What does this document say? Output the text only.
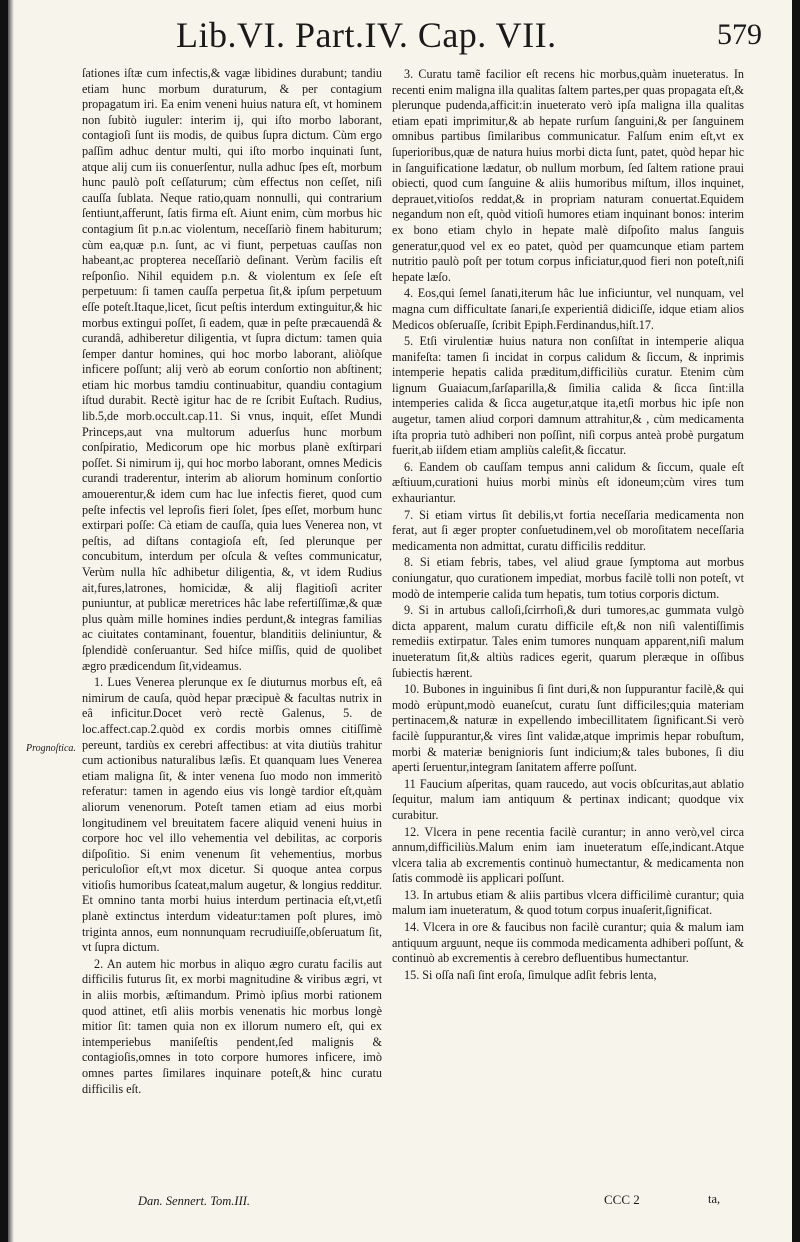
Lib.VI. Part.IV. Cap. VII.	579
Prognoſtica.

ſationes iſtæ cum infectis,& vagæ libidines durabunt; tandiu etiam hunc morbum duraturum, & per contagium propagatum iri. Ea enim veneni huius natura eſt, vt hominem non ſubitò iuguler: interim ij, qui iſto morbo laborant, contagioſi ſunt iis modis, de quibus ſupra dictum. Cùm ergo paſſim adhuc dentur multi, qui iſto morbo inquinati ſunt, atque alij cum iis conuerſentur, nulla adhuc ſpes eſt, morbum hunc paulò poſt ceſſaturum; cùm effectus non ceſſet, niſi cauſſa ſublata. Neque ratio,quam nonnulli, qui contrarium ſentiunt,afferunt, ſatis firma eſt. Aiunt enim, cùm morbus hic contagium ſit p.n.ac violentum, neceſſariò finem habiturum; cùm ea,quæ p.n. ſunt, ac vi fiunt, perpetuas cauſſas non habeant,ac propterea neceſſariò deſinant. Verùm facilis eſt reſponſio. Nihil equidem p.n. & violentum ex ſeſe eſt perpetuum: ſi tamen cauſſa perpetua ſit,& ipſum perpetuum eſſe poteſt.Itaque,licet, ſicut peſtis interdum extinguitur,& hic morbus extingui poſſet, ſi eadem, quæ in peſte præcauendâ & curandâ, adhiberetur diligentia, vt ſupra dictum: tamen quia ſemper dantur homines, qui hoc morbo laborant, aliòſque inficere poſſunt; alij verò ab eorum conſortio non abſtinent; etiam hic morbus tamdiu continuabitur, quandiu contagium iſtud durabit. Rectè igitur hac de re ſcribit Euſtach. Rudius, lib.5,de morb.occult.cap.11. Si vnus, inquit, eſſet Mundi Princeps,aut vna multorum aduerſus hunc morbum conſpiratio, Medicorum ope hic morbus planè exſtirpari poſſet. Si nimirum ij, qui hoc morbo laborant, omnes Medicis curandi traderentur, interim ab aliorum hominum conſortio amouerentur,& idem cum hac lue infectis fieret, quod cum peſte infectis vel leproſis fieri ſolet, ſpes eſſet, morbum hunc extirpari poſſe: Cà etiam de cauſſa, quia lues Venerea non, vt peſtis, ad diſtans contagioſa eſt, ſed plerunque per concubitum, interdum per oſcula & veſtes communicatur, Verùm nulla hîc adhibetur diligentia, &, vt idem Rudius ait,fures,latrones, homicidæ, & alij flagitioſi acriter puniuntur, at publicæ meretrices hâc labe refertiſſimæ,& quæ plus quàm mille homines indies perdunt,& integras familias ac ciuitates contaminant, fouentur, blanditiis deliniuntur, & ſplendidè conſeruantur. Sed hiſce miſſis, quid de quolibet ægro prædicendum ſit,videamus.

1. Lues Venerea plerunque ex ſe diuturnus morbus eſt, eâ nimirum de cauſa, quòd hepar præcipuè & facultas nutrix in eâ inficitur.Docet verò rectè Galenus, 5. de loc.affect.cap.2.quòd ex cordis morbis omnes citiſſimè pereunt, tardiùs ex cerebri affectibus: at vita diutiùs trahitur cum actionibus naturalibus læſis. Et quanquam lues Venerea etiam maligna ſit, & inter venena ſuo modo non immeritò referatur: tamen in agendo eius vis longè tardior eſt,quàm aliorum venenorum. Poteſt tamen etiam ad eius morbi longitudinem vel breuitatem facere aliquid veneni huius in corpore hoc vel illo vehementia vel debilitas, ac corporis diſpoſitio. Si enim venenum ſit vehementius, morbus periculoſior eſt,vt mox dicetur. Si quoque antea corpus vitioſis humoribus ſcateat,malum augetur, & longius redditur. Et omnino tanta morbi huius interdum pertinacia eſt,vt,etſi planè extinctus interdum videatur:tamen poſt plures, imò triginta annos, eum nonnunquam recrudiuiſſe,obſeruatum ſit, vt ſupra dictum.

2. An autem hic morbus in aliquo ægro curatu facilis aut difficilis futurus ſit, ex morbi magnitudine & viribus ægri, vt in aliis morbis, æſtimandum. Primò ipſius morbi rationem quod attinet, etſi aliis morbis venenatis hic morbus longè mitior ſit: tamen quia non ex illorum numero eſt, qui ex intemperiebus maniſeſtis pendent,ſed malignis & contagioſis,omnes in toto corpore humores inficere, imò omnes partes ſimilares inquinare poteſt,& hinc curatu difficilis eſt.

3. Curatu tamẽ facilior eſt recens hic morbus,quàm inueteratus. In recenti enim maligna illa qualitas ſaltem partes,per quas propagata eſt,& plerunque pudenda,afficit:in inueterato verò ipſa maligna illa qualitas etiam epati imprimitur,& ab hepate rurſum ſanguini,& per ſanguinem omnibus partibus ſimilaribus communicatur. Falſum enim eſt,vt ex ſuperioribus,quæ de natura huius morbi dicta ſunt, patet, quòd hepar hic in ſanguificatione lædatur, ob nullum morbum, ſed ſaltem ratione praui obiecti, quod cum ſanguine & aliis humoribus miſtum, illos inquinet, deprauet,vitioſos reddat,& in propriam naturam conuertat.Equidem negandum non eſt, quòd vitioſi humores etiam inquinant bonos: interim ex bono etiam chylo in hepate malè diſpoſito malus ſanguis generatur,quod vel ex eo patet, quòd per quamcunque etiam partem nutritio paulò poſt per totum corpus inficiatur,quod fieri non poteſt,niſi hepate læſo.

4. Eos,qui ſemel ſanati,iterum hâc lue inficiuntur, vel nunquam, vel magna cum difficultate ſanari,ſe experientiâ didiciſſe, idque etiam alios Medicos obſeruaſſe, ſcribit Epiph.Ferdinandus,hiſt.17.

5. Etſi virulentiæ huius natura non conſiſtat in intemperie aliqua manifeſta: tamen ſi incidat in corpus calidum & ſiccum, & inprimis intemperie hepatis calida præditum,difficiliùs curatur. Etenim cùm lignum Guaiacum,ſarſaparilla,& ſimilia calida & ſicca ſint:illa intemperies calida & ſicca augetur,atque ita,etſi morbus hic ipſe non augetur, tamen aliud corpori damnum attrahitur,& , cùm medicamenta iſta propria tutò adhiberi non poſſint, niſi corpus anteà probè purgatum fuerit,ab iiſdem etiam ampliùs caleſit,& ſiccatur.

6. Eandem ob cauſſam tempus anni calidum & ſiccum, quale eſt æſtiuum,curationi huius morbi minùs eſt idoneum;cùm vires tum exhauriantur.

7. Si etiam virtus ſit debilis,vt fortia neceſſaria medicamenta non ferat, aut ſi æger propter conſuetudinem,vel ob moroſitatem neceſſaria medicamenta non admittat, curatu difficilis redditur.

8. Si etiam febris, tabes, vel aliud graue ſymptoma aut morbus coniungatur, quo curationem impediat, morbus facilè tolli non poteſt, vt modò de intemperie calida tum hepatis, tum totius corporis dictum.

9. Si in artubus calloſi,ſcirrhoſi,& duri tumores,ac gummata vulgò dicta apparent, malum curatu difficile eſt,& non niſi valentiſſimis remediis extirpatur. Tales enim tumores nunquam apparent,niſi malum inueteratum ſit,& altiùs radices egerit, quarum pleræque in oſſibus ſubiectis hærent.

10. Bubones in inguinibus ſi ſint duri,& non ſuppurantur facilè,& qui modò erùpunt,modò euaneſcut, curatu ſunt difficiles;quia materiam pertinacem,& naturæ in expellendo imbecillitatem ſignificant.Si verò facilè ſuppurantur,& vires ſint validæ,atque imprimis hepar robuſtum, morbi & materiæ benignioris ſunt indicium;& tales bubones, ſi diu aperti ſeruentur,integram ſanitatem afferre poſſunt.

11 Faucium aſperitas, quam raucedo, aut vocis obſcuritas,aut ablatio ſequitur, malum iam antiquum & pertinax indicant; quodque vix curabitur.

12. Vlcera in pene recentia facilè curantur; in anno verò,vel circa annum,difficiliùs.Malum enim iam inueteratum eſſe,indicant.Atque vlcera talia ab excrementis continuò humectantur, & medicamenta non ſatis commodè iis applicari poſſunt.

13. In artubus etiam & aliis partibus vlcera difficilimè curantur; quia malum iam inueteratum, & quod totum corpus inuaſerit,ſignificat.

14. Vlcera in ore & faucibus non facilè curantur; quia & malum iam antiquum arguunt, neque iis commoda medicamenta adhiberi poſſunt, & continuò ab excrementis à cerebro defluentibus humectantur.

15. Si oſſa naſi ſint eroſa, ſimulque adſit febris lenta,

Dan. Sennert. Tom.III.	CCC 2	ta,
